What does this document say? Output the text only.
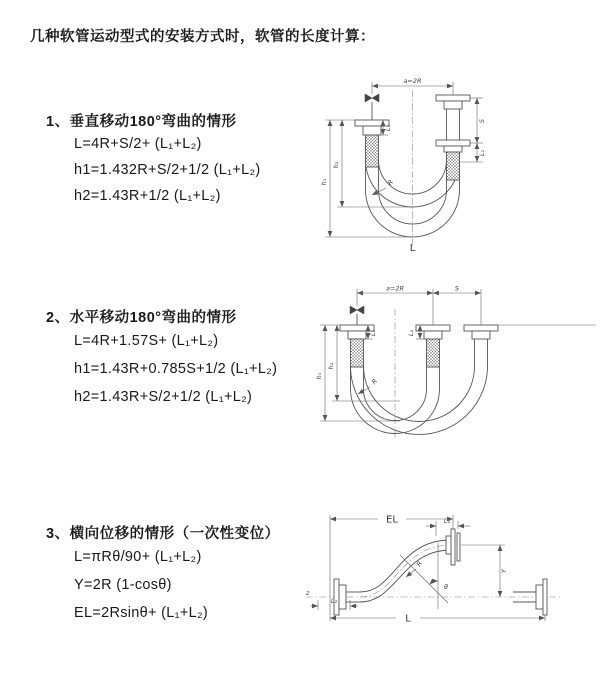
几种软管运动型式的安装方式时，软管的长度计算：
1、垂直移动180°弯曲的情形
L=4R+S/2+ (L₁+L₂)
h1=1.432R+S/2+1/2 (L₁+L₂)
h2=1.43R+1/2 (L₁+L₂)
2、水平移动180°弯曲的情形
L=4R+1.57S+ (L₁+L₂)
h1=1.43R+0.785S+1/2 (L₁+L₂)
h2=1.43R+S/2+1/2 (L₁+L₂)
3、横向位移的情形（一次性变位）
L=πRθ/90+ (L₁+L₂)
Y=2R (1-cosθ)
EL=2Rsinθ+ (L₁+L₂)
a=2R
h₁
h₂
L₁
S
L₂
R
L
a=2R	S
h₁
h₂
L₁	L₂
R
z
θ
EL	L₁
Y
L₂
L
R
